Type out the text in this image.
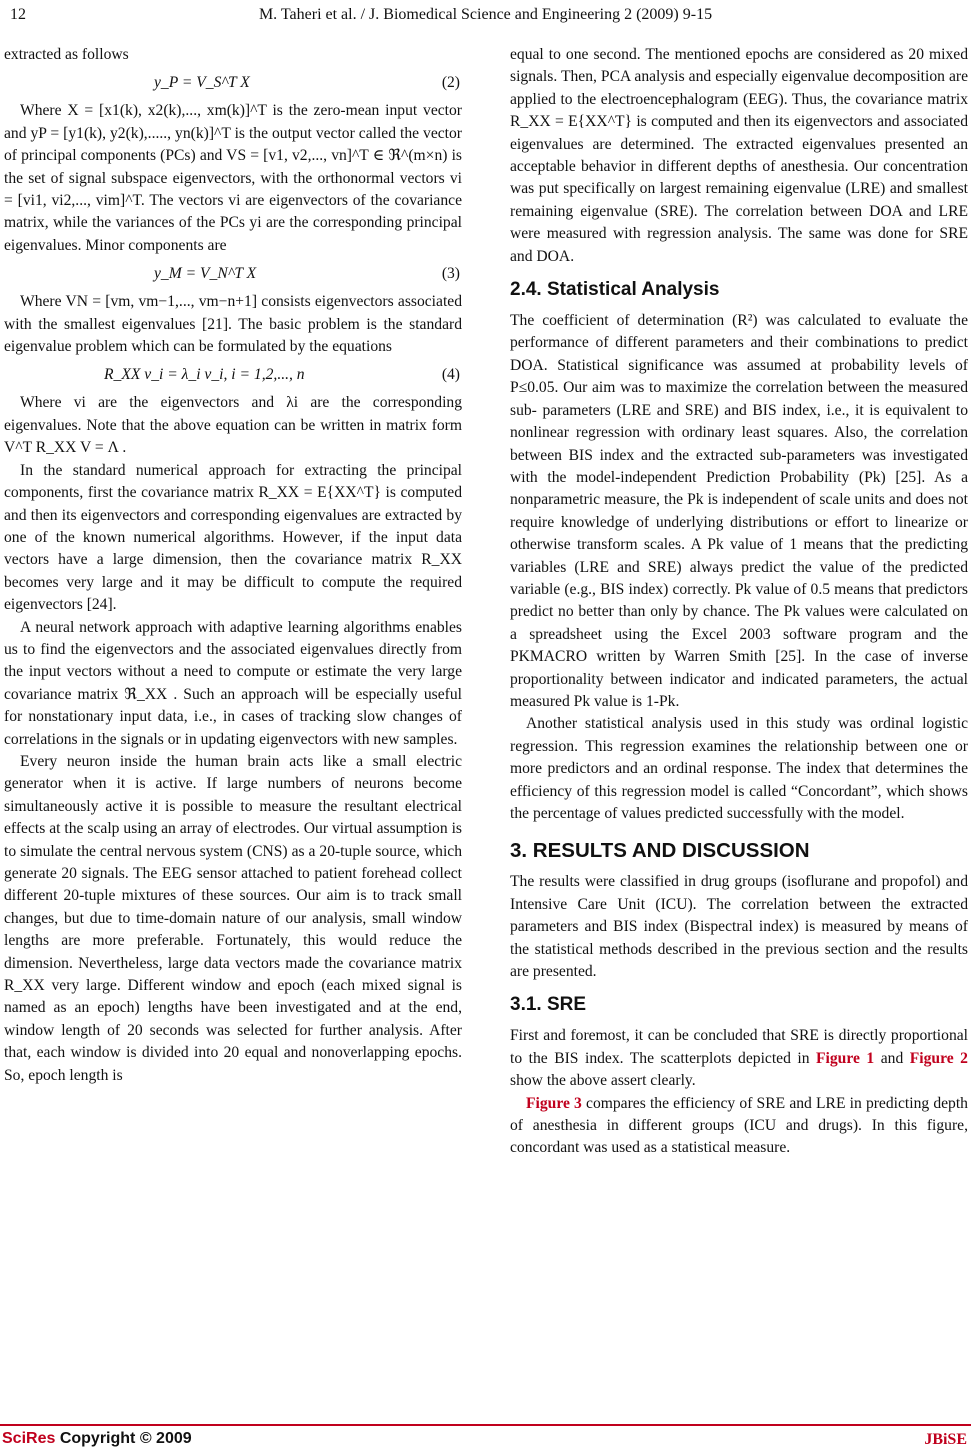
12	M. Taheri et al. / J. Biomedical Science and Engineering 2 (2009) 9-15

extracted as follows

y_P = V_S^T X	(2)

Where X = [x1(k), x2(k),..., xm(k)]^T is the zero-mean input vector and yP = [y1(k), y2(k),....., yn(k)]^T is the output vector called the vector of principal components (PCs) and VS = [v1, v2,..., vn]^T ∈ ℜ^(m×n) is the set of signal subspace eigenvectors, with the orthonormal vectors vi = [vi1, vi2,..., vim]^T. The vectors vi are eigenvectors of the covariance matrix, while the variances of the PCs yi are the corresponding principal eigenvalues. Minor components are

y_M = V_N^T X	(3)

Where VN = [vm, vm−1,..., vm−n+1] consists eigenvectors associated with the smallest eigenvalues [21]. The basic problem is the standard eigenvalue problem which can be formulated by the equations

R_XX v_i = λ_i v_i, i = 1,2,..., n	(4)

Where vi are the eigenvectors and λi are the corresponding eigenvalues. Note that the above equation can be written in matrix form V^T R_XX V = Λ .

In the standard numerical approach for extracting the principal components, first the covariance matrix R_XX = E{XX^T} is computed and then its eigenvectors and corresponding eigenvalues are extracted by one of the known numerical algorithms. However, if the input data vectors have a large dimension, then the covariance matrix R_XX becomes very large and it may be difficult to compute the required eigenvectors [24].

A neural network approach with adaptive learning algorithms enables us to find the eigenvectors and the associated eigenvalues directly from the input vectors without a need to compute or estimate the very large covariance matrix ℜ_XX . Such an approach will be especially useful for nonstationary input data, i.e., in cases of tracking slow changes of correlations in the signals or in updating eigenvectors with new samples.

Every neuron inside the human brain acts like a small electric generator when it is active. If large numbers of neurons become simultaneously active it is possible to measure the resultant electrical effects at the scalp using an array of electrodes. Our virtual assumption is to simulate the central nervous system (CNS) as a 20-tuple source, which generate 20 signals. The EEG sensor attached to patient forehead collect different 20-tuple mixtures of these sources. Our aim is to track small changes, but due to time-domain nature of our analysis, small window lengths are more preferable. Fortunately, this would reduce the dimension. Nevertheless, large data vectors made the covariance matrix R_XX very large. Different window and epoch (each mixed signal is named as an epoch) lengths have been investigated and at the end, window length of 20 seconds was selected for further analysis. After that, each window is divided into 20 equal and nonoverlapping epochs. So, epoch length is

equal to one second. The mentioned epochs are considered as 20 mixed signals. Then, PCA analysis and especially eigenvalue decomposition are applied to the electroencephalogram (EEG). Thus, the covariance matrix R_XX = E{XX^T} is computed and then its eigenvectors and associated eigenvalues are determined. The extracted eigenvalues presented an acceptable behavior in different depths of anesthesia. Our concentration was put specifically on largest remaining eigenvalue (LRE) and smallest remaining eigenvalue (SRE). The correlation between DOA and LRE were measured with regression analysis. The same was done for SRE and DOA.

2.4. Statistical Analysis

The coefficient of determination (R²) was calculated to evaluate the performance of different parameters and their combinations to predict DOA. Statistical significance was assumed at probability levels of P≤0.05. Our aim was to maximize the correlation between the measured sub- parameters (LRE and SRE) and BIS index, i.e., it is equivalent to nonlinear regression with ordinary least squares. Also, the correlation between BIS index and the extracted sub-parameters was investigated with the model-independent Prediction Probability (Pk) [25]. As a nonparametric measure, the Pk is independent of scale units and does not require knowledge of underlying distributions or effort to linearize or otherwise transform scales. A Pk value of 1 means that the predicting variables (LRE and SRE) always predict the value of the predicted variable (e.g., BIS index) correctly. Pk value of 0.5 means that predictors predict no better than only by chance. The Pk values were calculated on a spreadsheet using the Excel 2003 software program and the PKMACRO written by Warren Smith [25]. In the case of inverse proportionality between indicator and indicated parameters, the actual measured Pk value is 1-Pk.

Another statistical analysis used in this study was ordinal logistic regression. This regression examines the relationship between one or more predictors and an ordinal response. The index that determines the efficiency of this regression model is called “Concordant”, which shows the percentage of values predicted successfully with the model.

3. RESULTS AND DISCUSSION

The results were classified in drug groups (isoflurane and propofol) and Intensive Care Unit (ICU). The correlation between the extracted parameters and BIS index (Bispectral index) is measured by means of the statistical methods described in the previous section and the results are presented.

3.1. SRE

First and foremost, it can be concluded that SRE is directly proportional to the BIS index. The scatterplots depicted in Figure 1 and Figure 2 show the above assert clearly.

Figure 3 compares the efficiency of SRE and LRE in predicting depth of anesthesia in different groups (ICU and drugs). In this figure, concordant was used as a statistical measure.

SciRes Copyright © 2009	JBiSE
